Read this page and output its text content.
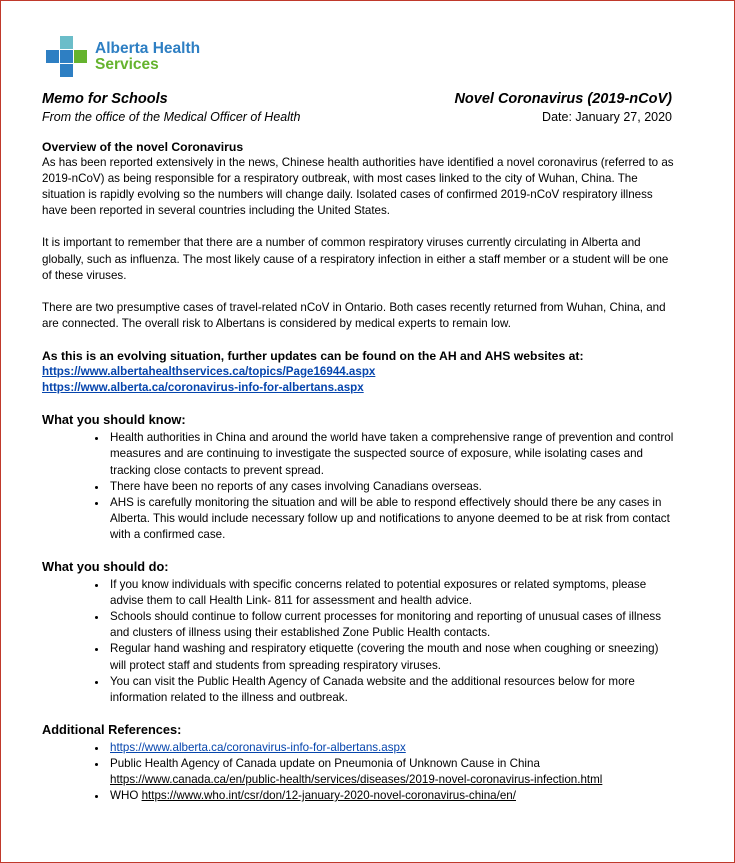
Alberta Health
Services
Memo for Schools	Novel Coronavirus (2019-nCoV)
From the office of the Medical Officer of Health	Date: January 27, 2020

Overview of the novel Coronavirus

As has been reported extensively in the news, Chinese health authorities have identified a novel coronavirus (referred to as 2019-nCoV) as being responsible for a respiratory outbreak, with most cases linked to the city of Wuhan, China. The situation is rapidly evolving so the numbers will change daily. Isolated cases of confirmed 2019-nCoV respiratory illness have been reported in several countries including the United States.

It is important to remember that there are a number of common respiratory viruses currently circulating in Alberta and globally, such as influenza. The most likely cause of a respiratory infection in either a staff member or a student will be one of these viruses.

There are two presumptive cases of travel-related nCoV in Ontario. Both cases recently returned from Wuhan, China, and are connected. The overall risk to Albertans is considered by medical experts to remain low.

As this is an evolving situation, further updates can be found on the AH and AHS websites at:

https://www.albertahealthservices.ca/topics/Page16944.aspx

https://www.alberta.ca/coronavirus-info-for-albertans.aspx

What you should know:
• Health authorities in China and around the world have taken a comprehensive range of prevention and control measures and are continuing to investigate the suspected source of exposure, while isolating cases and tracking close contacts to prevent spread.
• There have been no reports of any cases involving Canadians overseas.
• AHS is carefully monitoring the situation and will be able to respond effectively should there be any cases in Alberta. This would include necessary follow up and notifications to anyone deemed to be at risk from contact with a confirmed case.
What you should do:
• If you know individuals with specific concerns related to potential exposures or related symptoms, please advise them to call Health Link- 811 for assessment and health advice.
• Schools should continue to follow current processes for monitoring and reporting of unusual cases of illness and clusters of illness using their established Zone Public Health contacts.
• Regular hand washing and respiratory etiquette (covering the mouth and nose when coughing or sneezing) will protect staff and students from spreading respiratory viruses.
• You can visit the Public Health Agency of Canada website and the additional resources below for more information related to the illness and outbreak.
Additional References:
• https://www.alberta.ca/coronavirus-info-for-albertans.aspx
• Public Health Agency of Canada update on Pneumonia of Unknown Cause in China
https://www.canada.ca/en/public-health/services/diseases/2019-novel-coronavirus-infection.html
• WHO https://www.who.int/csr/don/12-january-2020-novel-coronavirus-china/en/
